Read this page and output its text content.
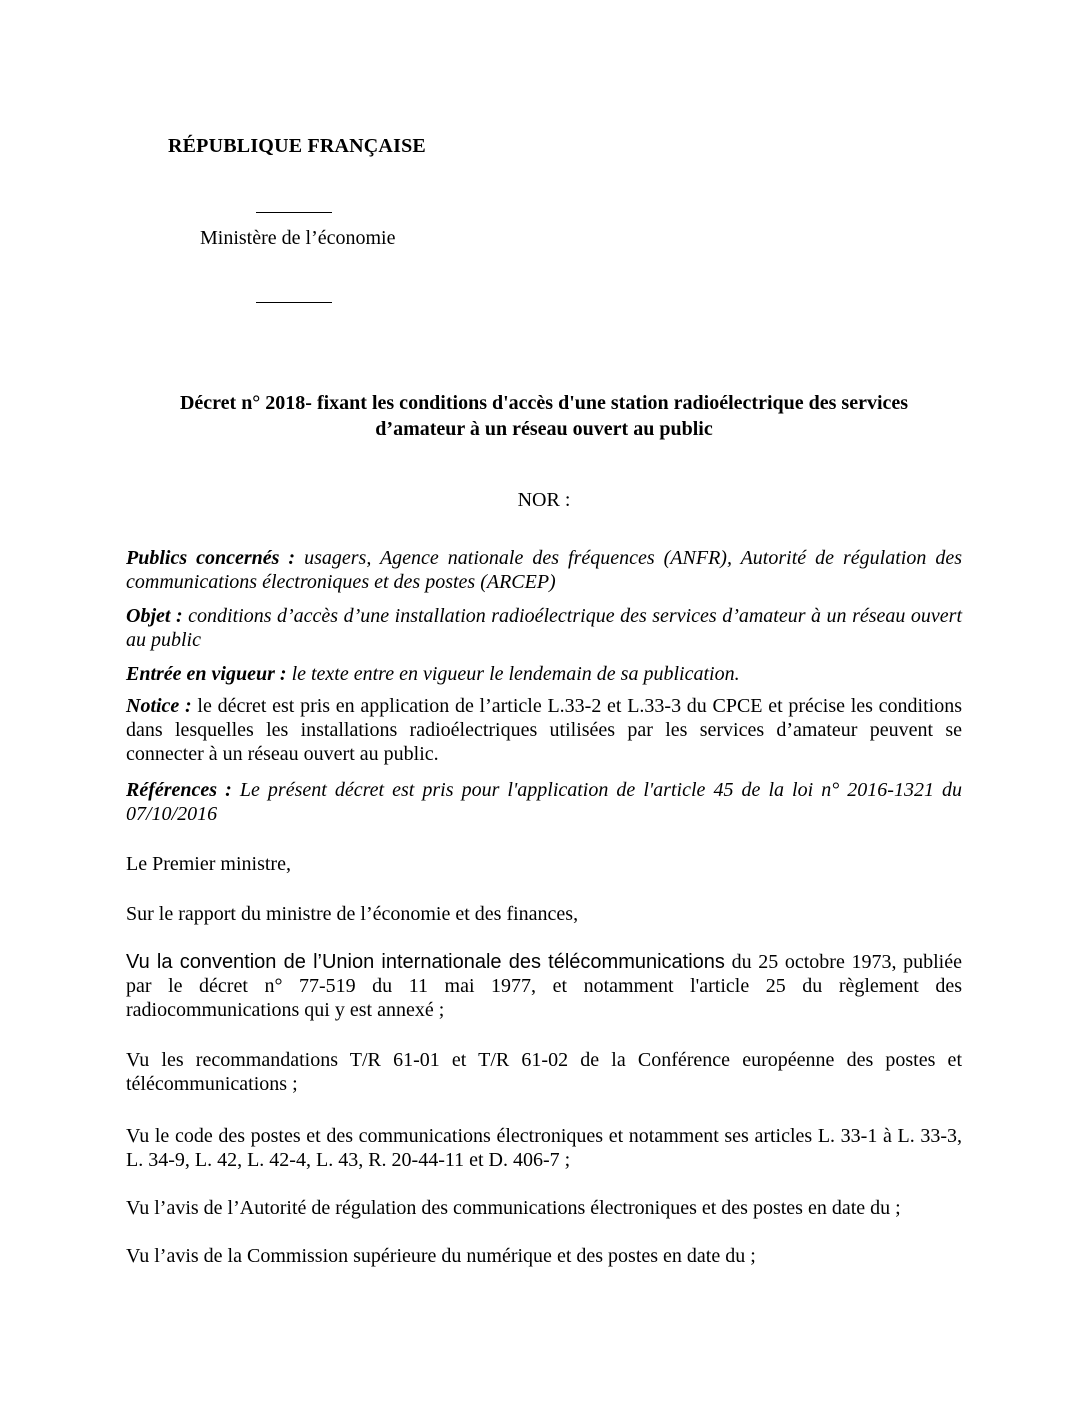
RÉPUBLIQUE FRANÇAISE

Ministère de l’économie

Décret n° 2018- fixant les conditions d'accès d'une station radioélectrique des services
d’amateur à un réseau ouvert au public

NOR :

Publics concernés : usagers, Agence nationale des fréquences (ANFR), Autorité de régulation des communications électroniques et des postes (ARCEP)

Objet : conditions d’accès d’une installation radioélectrique des services d’amateur à un réseau ouvert au public

Entrée en vigueur : le texte entre en vigueur le lendemain de sa publication.

Notice : le décret est pris en application de l’article L.33-2 et L.33-3 du CPCE et précise les conditions dans lesquelles les installations radioélectriques utilisées par les services d’amateur peuvent se connecter à un réseau ouvert au public.

Références : Le présent décret est pris pour l'application de l'article 45 de la loi n° 2016-1321 du 07/10/2016

Le Premier ministre,

Sur le rapport du ministre de l’économie et des finances,

Vu la convention de l’Union internationale des télécommunications du 25 octobre 1973, publiée par le décret n° 77-519 du 11 mai 1977, et notamment l'article 25 du règlement des radiocommunications qui y est annexé ;

Vu les recommandations T/R 61-01 et T/R 61-02 de la Conférence européenne des postes et télécommunications ;

Vu le code des postes et des communications électroniques et notamment ses articles L. 33-1 à L. 33-3, L. 34-9, L. 42, L. 42-4, L. 43, R. 20-44-11 et D. 406-7 ;

Vu l’avis de l’Autorité de régulation des communications électroniques et des postes en date du ;

Vu l’avis de la Commission supérieure du numérique et des postes en date du ;
